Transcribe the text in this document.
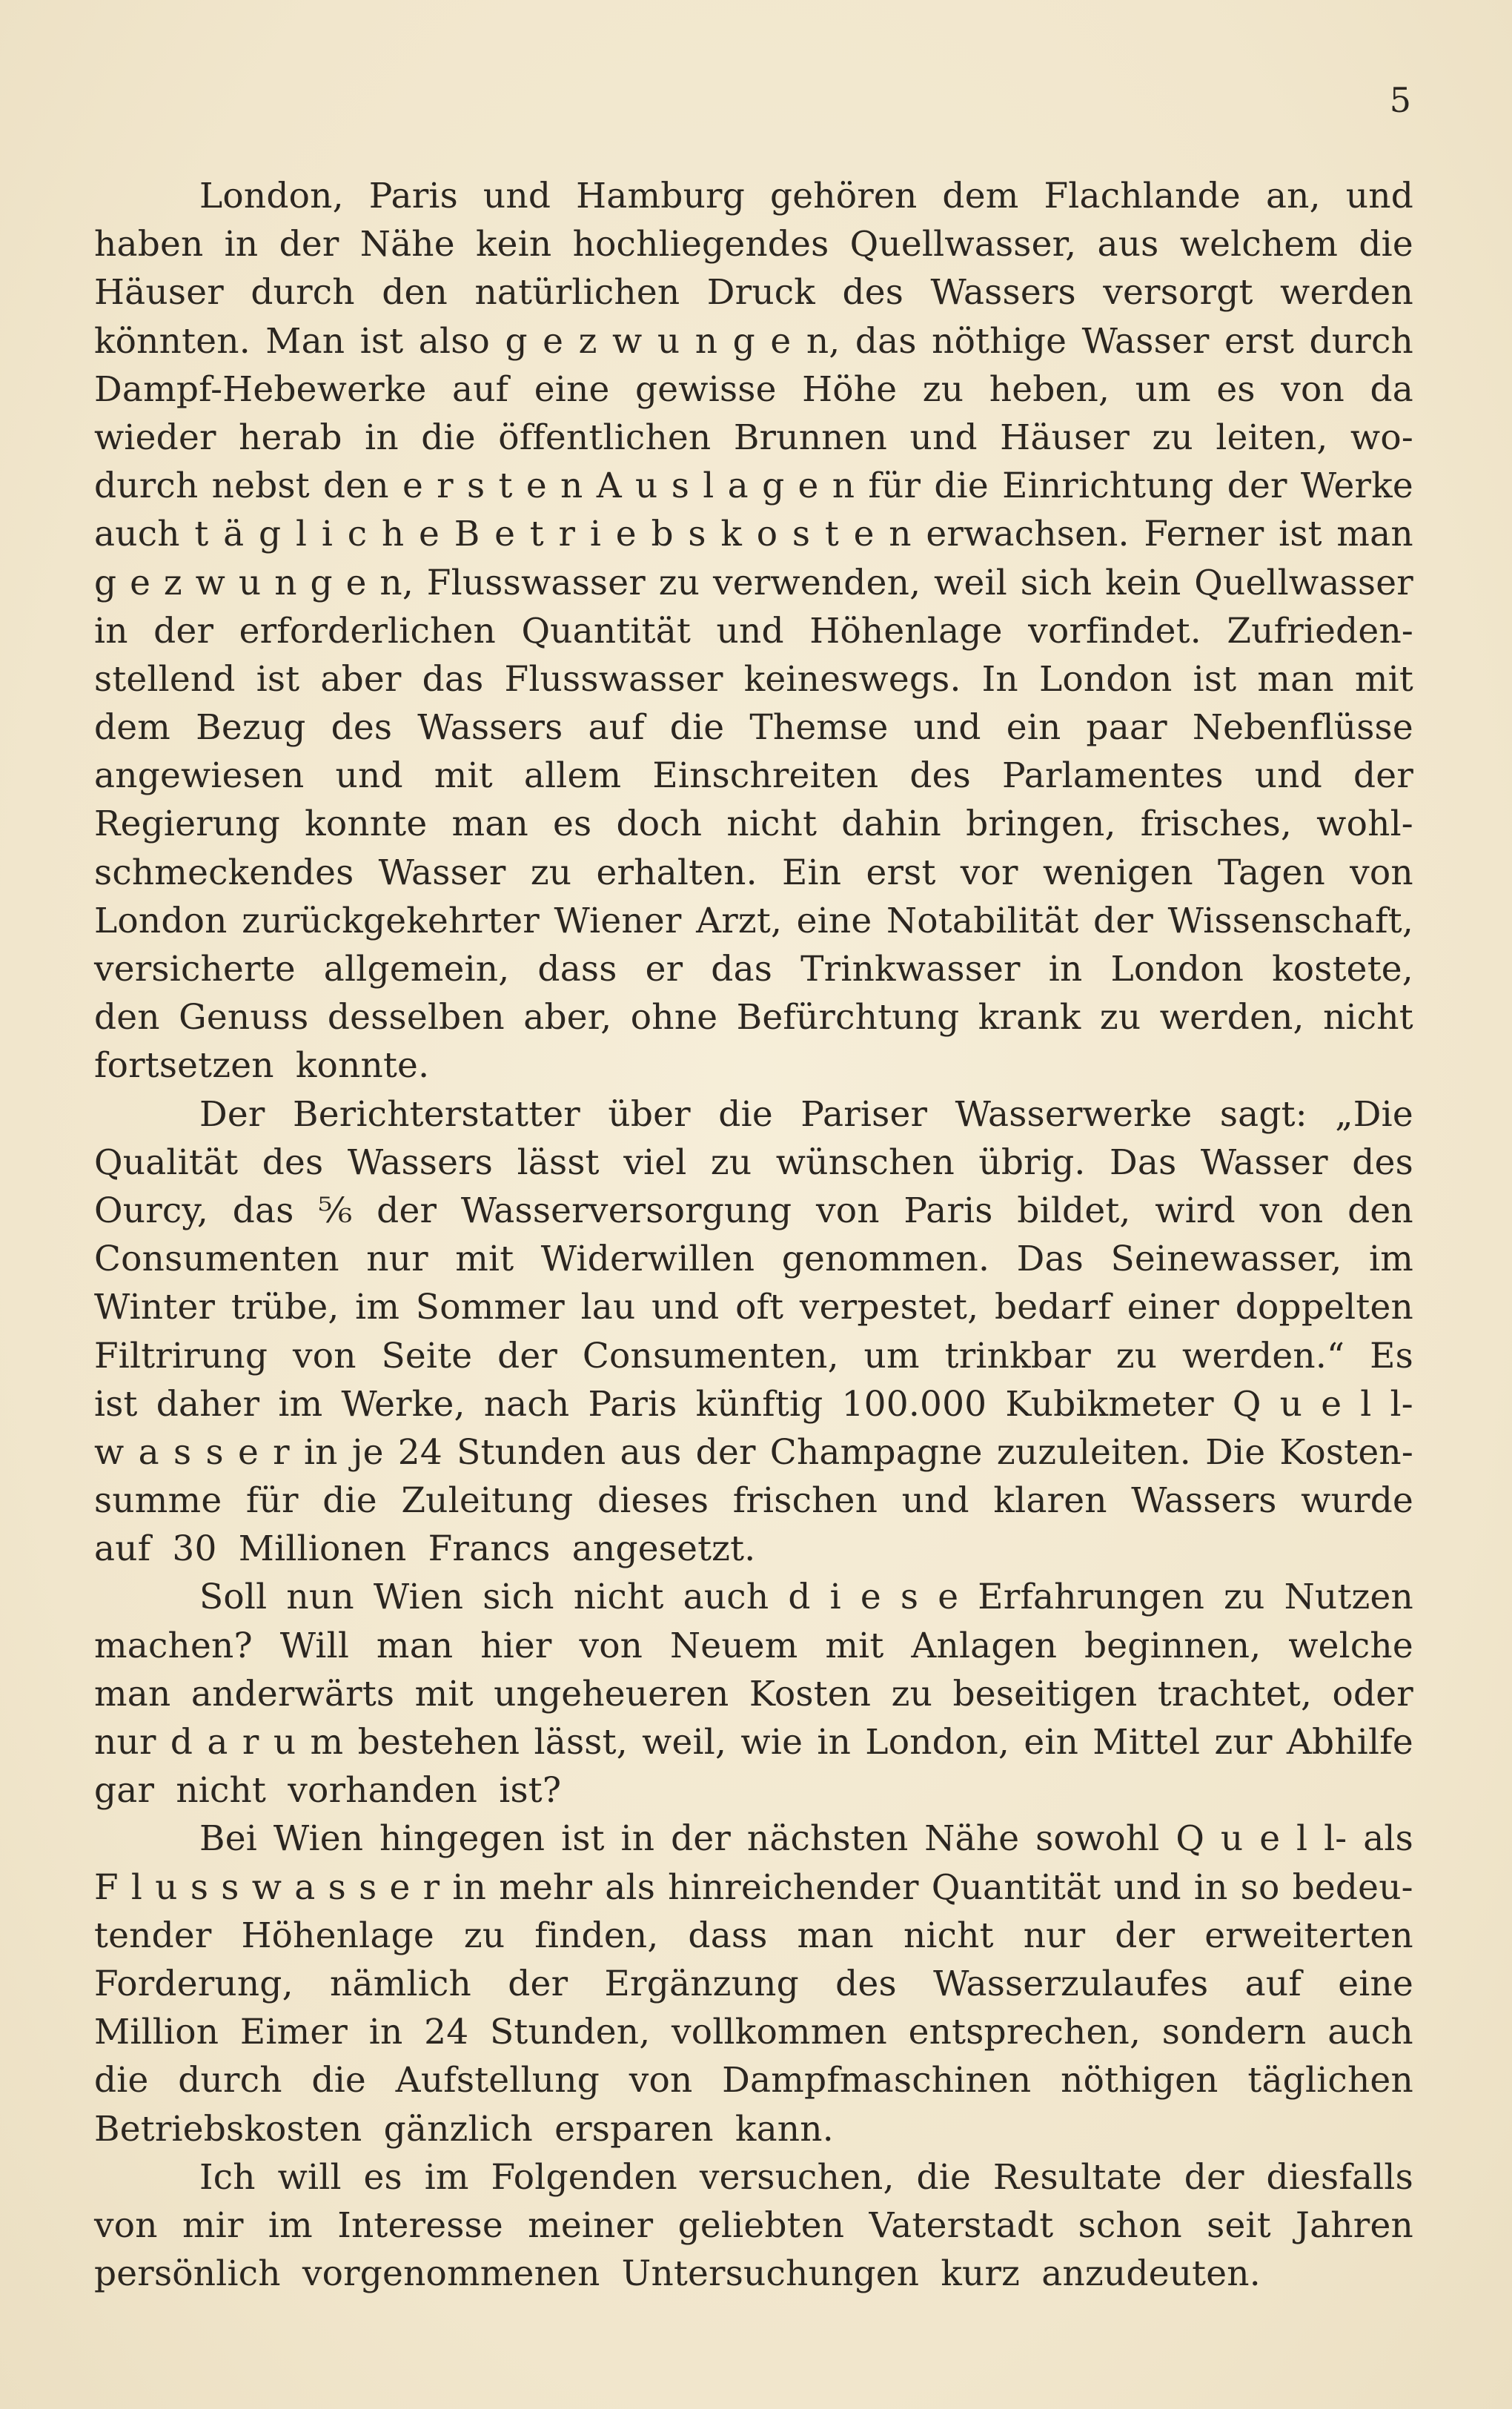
5
London, Paris und Hamburg gehören dem Flachlande an, und
haben in der Nähe kein hochliegendes Quellwasser, aus welchem die
Häuser durch den natürlichen Druck des Wassers versorgt werden
könnten. Man ist also g e z w u n g e n, das nöthige Wasser erst durch
Dampf-Hebewerke auf eine gewisse Höhe zu heben, um es von da
wieder herab in die öffentlichen Brunnen und Häuser zu leiten, wo-
durch nebst den e r s t e n A u s l a g e n für die Einrichtung der Werke
auch t ä g l i c h e B e t r i e b s k o s t e n erwachsen. Ferner ist man
g e z w u n g e n, Flusswasser zu verwenden, weil sich kein Quellwasser
in der erforderlichen Quantität und Höhenlage vorfindet. Zufrieden-
stellend ist aber das Flusswasser keineswegs. In London ist man mit
dem Bezug des Wassers auf die Themse und ein paar Nebenflüsse
angewiesen und mit allem Einschreiten des Parlamentes und der
Regierung konnte man es doch nicht dahin bringen, frisches, wohl-
schmeckendes Wasser zu erhalten. Ein erst vor wenigen Tagen von
London zurückgekehrter Wiener Arzt, eine Notabilität der Wissenschaft,
versicherte allgemein, dass er das Trinkwasser in London kostete,
den Genuss desselben aber, ohne Befürchtung krank zu werden, nicht
fortsetzen konnte.
Der Berichterstatter über die Pariser Wasserwerke sagt: „Die
Qualität des Wassers lässt viel zu wünschen übrig. Das Wasser des
Ourcy, das ⁵⁄₆ der Wasserversorgung von Paris bildet, wird von den
Consumenten nur mit Widerwillen genommen. Das Seinewasser, im
Winter trübe, im Sommer lau und oft verpestet, bedarf einer doppelten
Filtrirung von Seite der Consumenten, um trinkbar zu werden.“ Es
ist daher im Werke, nach Paris künftig 100.000 Kubikmeter Q u e l l-
w a s s e r in je 24 Stunden aus der Champagne zuzuleiten. Die Kosten-
summe für die Zuleitung dieses frischen und klaren Wassers wurde
auf 30 Millionen Francs angesetzt.
Soll nun Wien sich nicht auch d i e s e Erfahrungen zu Nutzen
machen? Will man hier von Neuem mit Anlagen beginnen, welche
man anderwärts mit ungeheueren Kosten zu beseitigen trachtet, oder
nur d a r u m bestehen lässt, weil, wie in London, ein Mittel zur Abhilfe
gar nicht vorhanden ist?
Bei Wien hingegen ist in der nächsten Nähe sowohl Q u e l l- als
F l u s s w a s s e r in mehr als hinreichender Quantität und in so bedeu-
tender Höhenlage zu finden, dass man nicht nur der erweiterten
Forderung, nämlich der Ergänzung des Wasserzulaufes auf eine
Million Eimer in 24 Stunden, vollkommen entsprechen, sondern auch
die durch die Aufstellung von Dampfmaschinen nöthigen täglichen
Betriebskosten gänzlich ersparen kann.
Ich will es im Folgenden versuchen, die Resultate der diesfalls
von mir im Interesse meiner geliebten Vaterstadt schon seit Jahren
persönlich vorgenommenen Untersuchungen kurz anzudeuten.
